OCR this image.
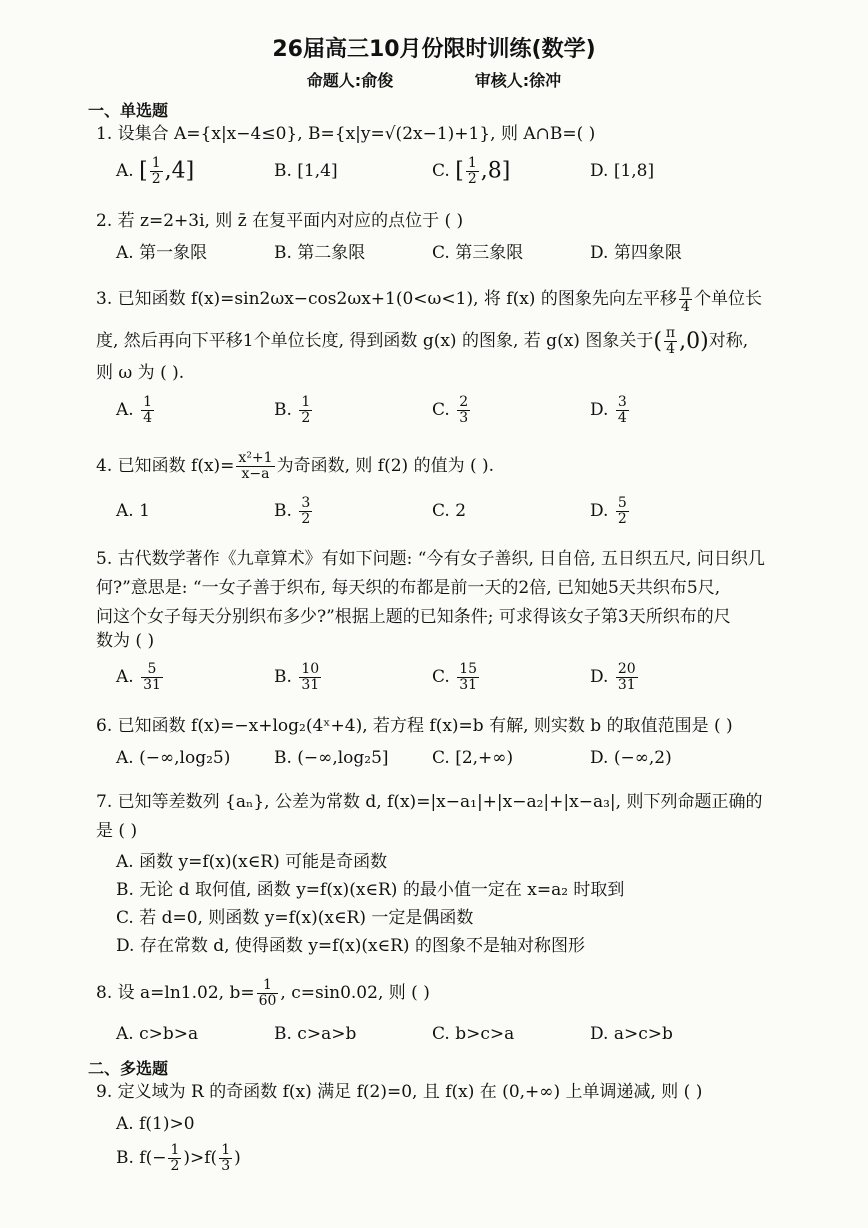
26届高三10月份限时训练(数学)
命题人:俞俊	审核人:徐冲
一、单选题
1. 设集合 A={x|x−4≤0}, B={x|y=√(2x−1)+1}, 则 A∩B=( )
A. [ $\frac{1}{2} ,4$]	B. [1,4]	C. [ $\frac{1}{2} ,8$]	D. [1,8]
2. 若 z=2+3i, 则 z̄ 在复平面内对应的点位于 ( )
A. 第一象限	B. 第二象限	C. 第三象限	D. 第四象限
3. 已知函数 f(x)=sin2ωx−cos2ωx+1(0<ω<1), 将 f(x) 的图象先向左平移 $\frac{\pi}{4}$ 个单位长
度, 然后再向下平移1个单位长度, 得到函数 g(x) 的图象, 若 g(x) 图象关于( $\frac{\pi}{4} ,0$)对称,
则 ω 为 ( ).
A. $\frac{1}{4}$	B. $\frac{1}{2}$	C. $\frac{2}{3}$	D. $\frac{3}{4}$
4. 已知函数 $f(x)= \frac{\text{x²+1}}{x-a}$ 为奇函数, 则 f(2) 的值为 ( ).
A. 1	B. $\frac{3}{2}$	C. 2	D. $\frac{5}{2}$
5. 古代数学著作《九章算术》有如下问题: “今有女子善织, 日自倍, 五日织五尺, 问日织几
何?”意思是: “一女子善于织布, 每天织的布都是前一天的2倍, 已知她5天共织布5尺,
问这个女子每天分别织布多少?”根据上题的已知条件; 可求得该女子第3天所织布的尺
数为 ( )
A. $\frac{5}{31}$	B. $\frac{10}{31}$	C. $\frac{15}{31}$	D. $\frac{20}{31}$
6. 已知函数 f(x)=−x+log₂(4ˣ+4), 若方程 f(x)=b 有解, 则实数 b 的取值范围是 ( )
A. (−∞,log₂5)	B. (−∞,log₂5]	C. [2,+∞)	D. (−∞,2)
7. 已知等差数列 {aₙ}, 公差为常数 d, f(x)=|x−a₁|+|x−a₂|+|x−a₃|, 则下列命题正确的
是 ( )
A. 函数 y=f(x)(x∈R) 可能是奇函数
B. 无论 d 取何值, 函数 y=f(x)(x∈R) 的最小值一定在 x=a₂ 时取到
C. 若 d=0, 则函数 y=f(x)(x∈R) 一定是偶函数
D. 存在常数 d, 使得函数 y=f(x)(x∈R) 的图象不是轴对称图形
8. 设 a=ln1.02, $b= \frac{1}{60}$ , c=sin0.02, 则 ( )
A. c>b>a	B. c>a>b	C. b>c>a	D. a>c>b
二、多选题
9. 定义域为 R 的奇函数 f(x) 满足 f(2)=0, 且 f(x) 在 (0,+∞) 上单调递减, 则 ( )
A. f(1)>0
B. $f(- \frac{1}{2} )>f( \frac{1}{3}$ )
